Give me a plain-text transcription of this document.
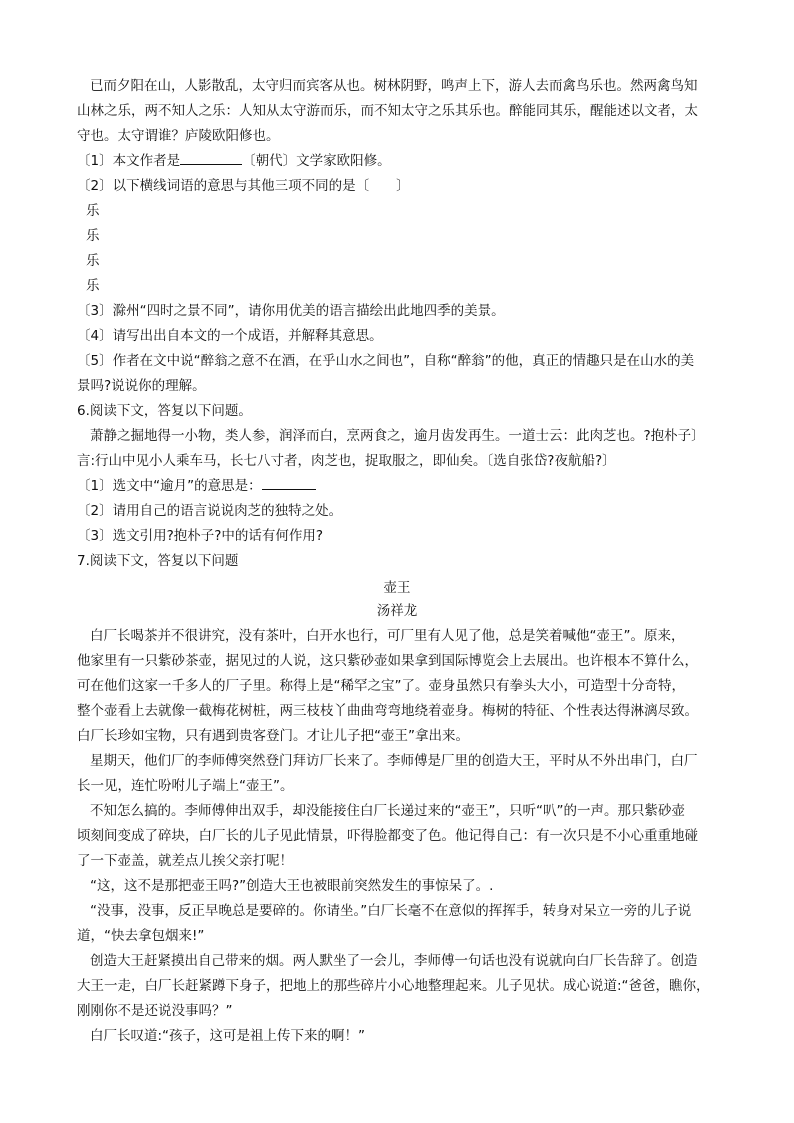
已而夕阳在山，人影散乱，太守归而宾客从也。树林阴野，鸣声上下，游人去而禽鸟乐也。然两禽鸟知
山林之乐，两不知人之乐：人知从太守游而乐，而不知太守之乐其乐也。醉能同其乐，醒能述以文者，太
守也。太守谓谁？庐陵欧阳修也。
〔1〕本文作者是	〔朝代〕文学家欧阳修。
〔2〕以下横线词语的意思与其他三项不同的是〔　　〕
乐
乐
乐
乐
〔3〕滁州“四时之景不同”，请你用优美的语言描绘出此地四季的美景。
〔4〕请写出出自本文的一个成语，并解释其意思。
〔5〕作者在文中说“醉翁之意不在酒，在乎山水之间也”，自称“醉翁”的他，真正的情趣只是在山水的美
景吗?说说你的理解。
6.阅读下文，答复以下问题。
萧静之掘地得一小物，类人参，润泽而白，烹两食之，逾月齿发再生。一道士云：此肉芝也。?抱朴子〕
言:行山中见小人乘车马，长七八寸者，肉芝也，捉取服之，即仙矣。〔选自张岱?夜航船?〕
〔1〕选文中“逾月”的意思是：
〔2〕请用自己的语言说说肉芝的独特之处。
〔3〕选文引用?抱朴子?中的话有何作用?
7.阅读下文，答复以下问题
壶王
汤祥龙
白厂长喝茶并不很讲究，没有茶叶，白开水也行，可厂里有人见了他，总是笑着喊他“壶王”。原来，
他家里有一只紫砂茶壶，据见过的人说，这只紫砂壶如果拿到国际博览会上去展出。也许根本不算什么，
可在他们这家一千多人的厂子里。称得上是“稀罕之宝”了。壶身虽然只有拳头大小，可造型十分奇特，
整个壶看上去就像一截梅花树桩，两三枝枝丫曲曲弯弯地绕着壶身。梅树的特征、个性表达得淋漓尽致。
白厂长珍如宝物，只有遇到贵客登门。才让儿子把“壶王”拿出来。
星期天，他们厂的李师傅突然登门拜访厂长来了。李师傅是厂里的创造大王，平时从不外出串门，白厂
长一见，连忙吩咐儿子端上“壶王”。
不知怎么搞的。李师傅伸出双手，却没能接住白厂长递过来的“壶王”，只听“叭”的一声。那只紫砂壶
顷刻间变成了碎块，白厂长的儿子见此情景，吓得脸都变了色。他记得自己：有一次只是不小心重重地碰
了一下壶盖，就差点儿挨父亲打呢！
“这，这不是那把壶王吗?”创造大王也被眼前突然发生的事惊呆了。.
“没事，没事，反正早晚总是要碎的。你请坐。”白厂长毫不在意似的挥挥手，转身对呆立一旁的儿子说
道，“快去拿包烟来!”
创造大王赶紧摸出自己带来的烟。两人默坐了一会儿，李师傅一句话也没有说就向白厂长告辞了。创造
大王一走，白厂长赶紧蹲下身子，把地上的那些碎片小心地整理起来。儿子见状。成心说道:“爸爸，瞧你，
刚刚你不是还说没事吗？”
白厂长叹道:“孩子，这可是祖上传下来的啊！”
